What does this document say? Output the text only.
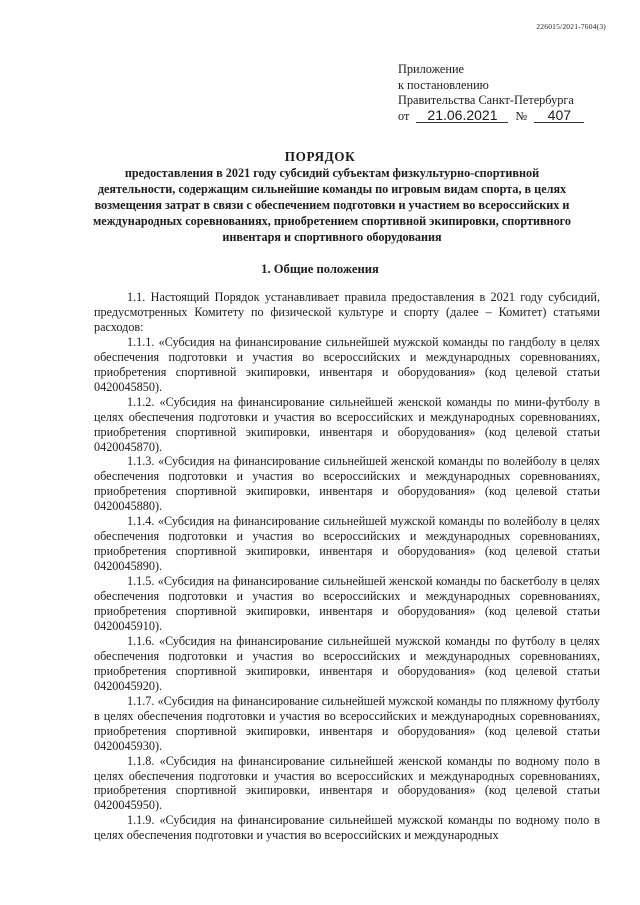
226015/2021-7604(3)
Приложение
к постановлению
Правительства Санкт-Петербурга
от 21.06.2021 № 407
ПОРЯДОК
предоставления в 2021 году субсидий субъектам физкультурно-спортивной деятельности, содержащим сильнейшие команды по игровым видам спорта, в целях возмещения затрат в связи с обеспечением подготовки и участием во всероссийских и международных соревнованиях, приобретением спортивной экипировки, спортивного инвентаря и спортивного оборудования
1. Общие положения

1.1. Настоящий Порядок устанавливает правила предоставления в 2021 году субсидий, предусмотренных Комитету по физической культуре и спорту (далее – Комитет) статьями расходов:

1.1.1. «Субсидия на финансирование сильнейшей мужской команды по гандболу в целях обеспечения подготовки и участия во всероссийских и международных соревнованиях, приобретения спортивной экипировки, инвентаря и оборудования» (код целевой статьи 0420045850).

1.1.2. «Субсидия на финансирование сильнейшей женской команды по мини-футболу в целях обеспечения подготовки и участия во всероссийских и международных соревнованиях, приобретения спортивной экипировки, инвентаря и оборудования» (код целевой статьи 0420045870).

1.1.3. «Субсидия на финансирование сильнейшей женской команды по волейболу в целях обеспечения подготовки и участия во всероссийских и международных соревнованиях, приобретения спортивной экипировки, инвентаря и оборудования» (код целевой статьи 0420045880).

1.1.4. «Субсидия на финансирование сильнейшей мужской команды по волейболу в целях обеспечения подготовки и участия во всероссийских и международных соревнованиях, приобретения спортивной экипировки, инвентаря и оборудования» (код целевой статьи 0420045890).

1.1.5. «Субсидия на финансирование сильнейшей женской команды по баскетболу в целях обеспечения подготовки и участия во всероссийских и международных соревнованиях, приобретения спортивной экипировки, инвентаря и оборудования» (код целевой статьи 0420045910).

1.1.6. «Субсидия на финансирование сильнейшей мужской команды по футболу в целях обеспечения подготовки и участия во всероссийских и международных соревнованиях, приобретения спортивной экипировки, инвентаря и оборудования» (код целевой статьи 0420045920).

1.1.7. «Субсидия на финансирование сильнейшей мужской команды по пляжному футболу в целях обеспечения подготовки и участия во всероссийских и международных соревнованиях, приобретения спортивной экипировки, инвентаря и оборудования» (код целевой статьи 0420045930).

1.1.8. «Субсидия на финансирование сильнейшей женской команды по водному поло в целях обеспечения подготовки и участия во всероссийских и международных соревнованиях, приобретения спортивной экипировки, инвентаря и оборудования» (код целевой статьи 0420045950).

1.1.9. «Субсидия на финансирование сильнейшей мужской команды по водному поло в целях обеспечения подготовки и участия во всероссийских и международных
